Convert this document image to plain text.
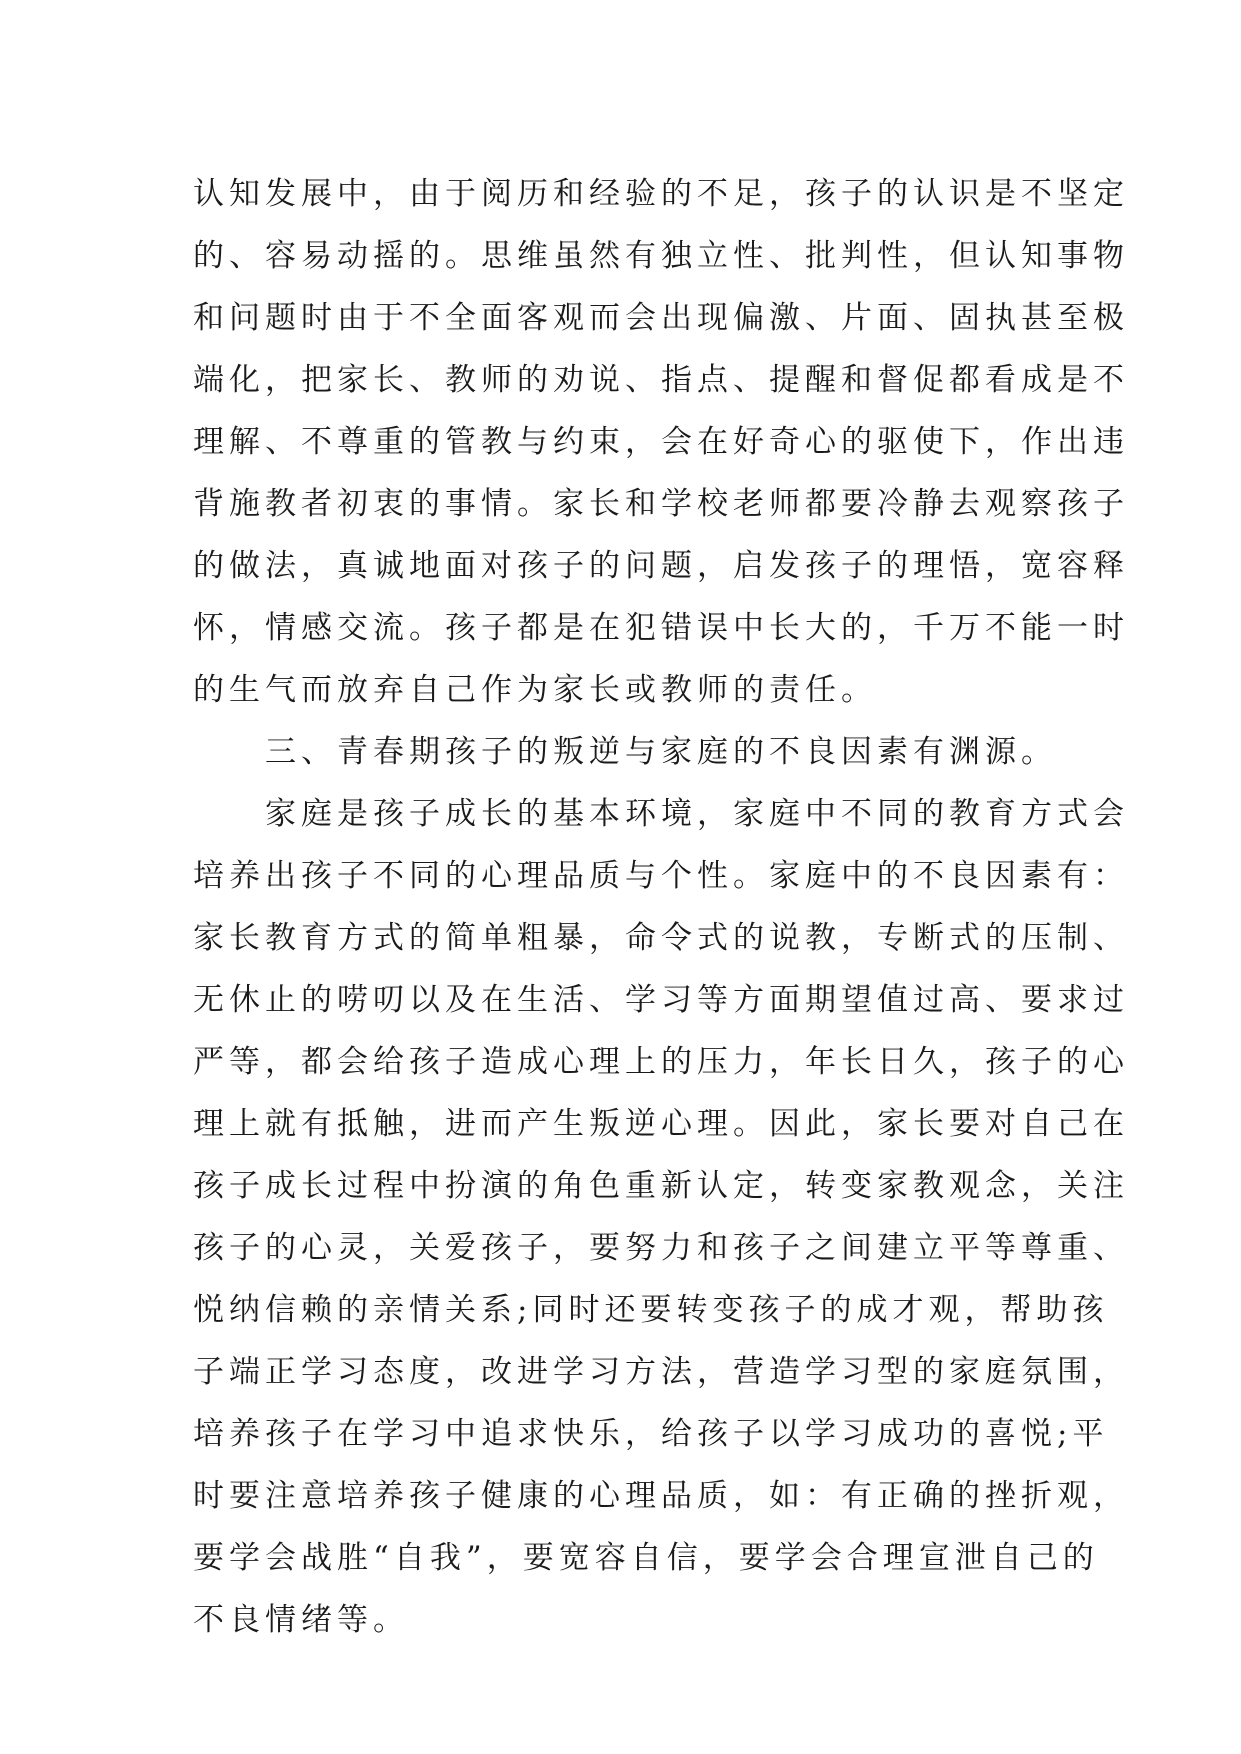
认知发展中，由于阅历和经验的不足，孩子的认识是不坚定
的、容易动摇的。思维虽然有独立性、批判性，但认知事物
和问题时由于不全面客观而会出现偏激、片面、固执甚至极
端化，把家长、教师的劝说、指点、提醒和督促都看成是不
理解、不尊重的管教与约束，会在好奇心的驱使下，作出违
背施教者初衷的事情。家长和学校老师都要冷静去观察孩子
的做法，真诚地面对孩子的问题，启发孩子的理悟，宽容释
怀，情感交流。孩子都是在犯错误中长大的，千万不能一时
的生气而放弃自己作为家长或教师的责任。
三、青春期孩子的叛逆与家庭的不良因素有渊源。
家庭是孩子成长的基本环境，家庭中不同的教育方式会
培养出孩子不同的心理品质与个性。家庭中的不良因素有：
家长教育方式的简单粗暴，命令式的说教，专断式的压制、
无休止的唠叨以及在生活、学习等方面期望值过高、要求过
严等，都会给孩子造成心理上的压力，年长日久，孩子的心
理上就有抵触，进而产生叛逆心理。因此，家长要对自己在
孩子成长过程中扮演的角色重新认定，转变家教观念，关注
孩子的心灵，关爱孩子，要努力和孩子之间建立平等尊重、
悦纳信赖的亲情关系;同时还要转变孩子的成才观，帮助孩
子端正学习态度，改进学习方法，营造学习型的家庭氛围，
培养孩子在学习中追求快乐，给孩子以学习成功的喜悦;平
时要注意培养孩子健康的心理品质，如：有正确的挫折观，
要学会战胜“自我”，要宽容自信，要学会合理宣泄自己的
不良情绪等。
